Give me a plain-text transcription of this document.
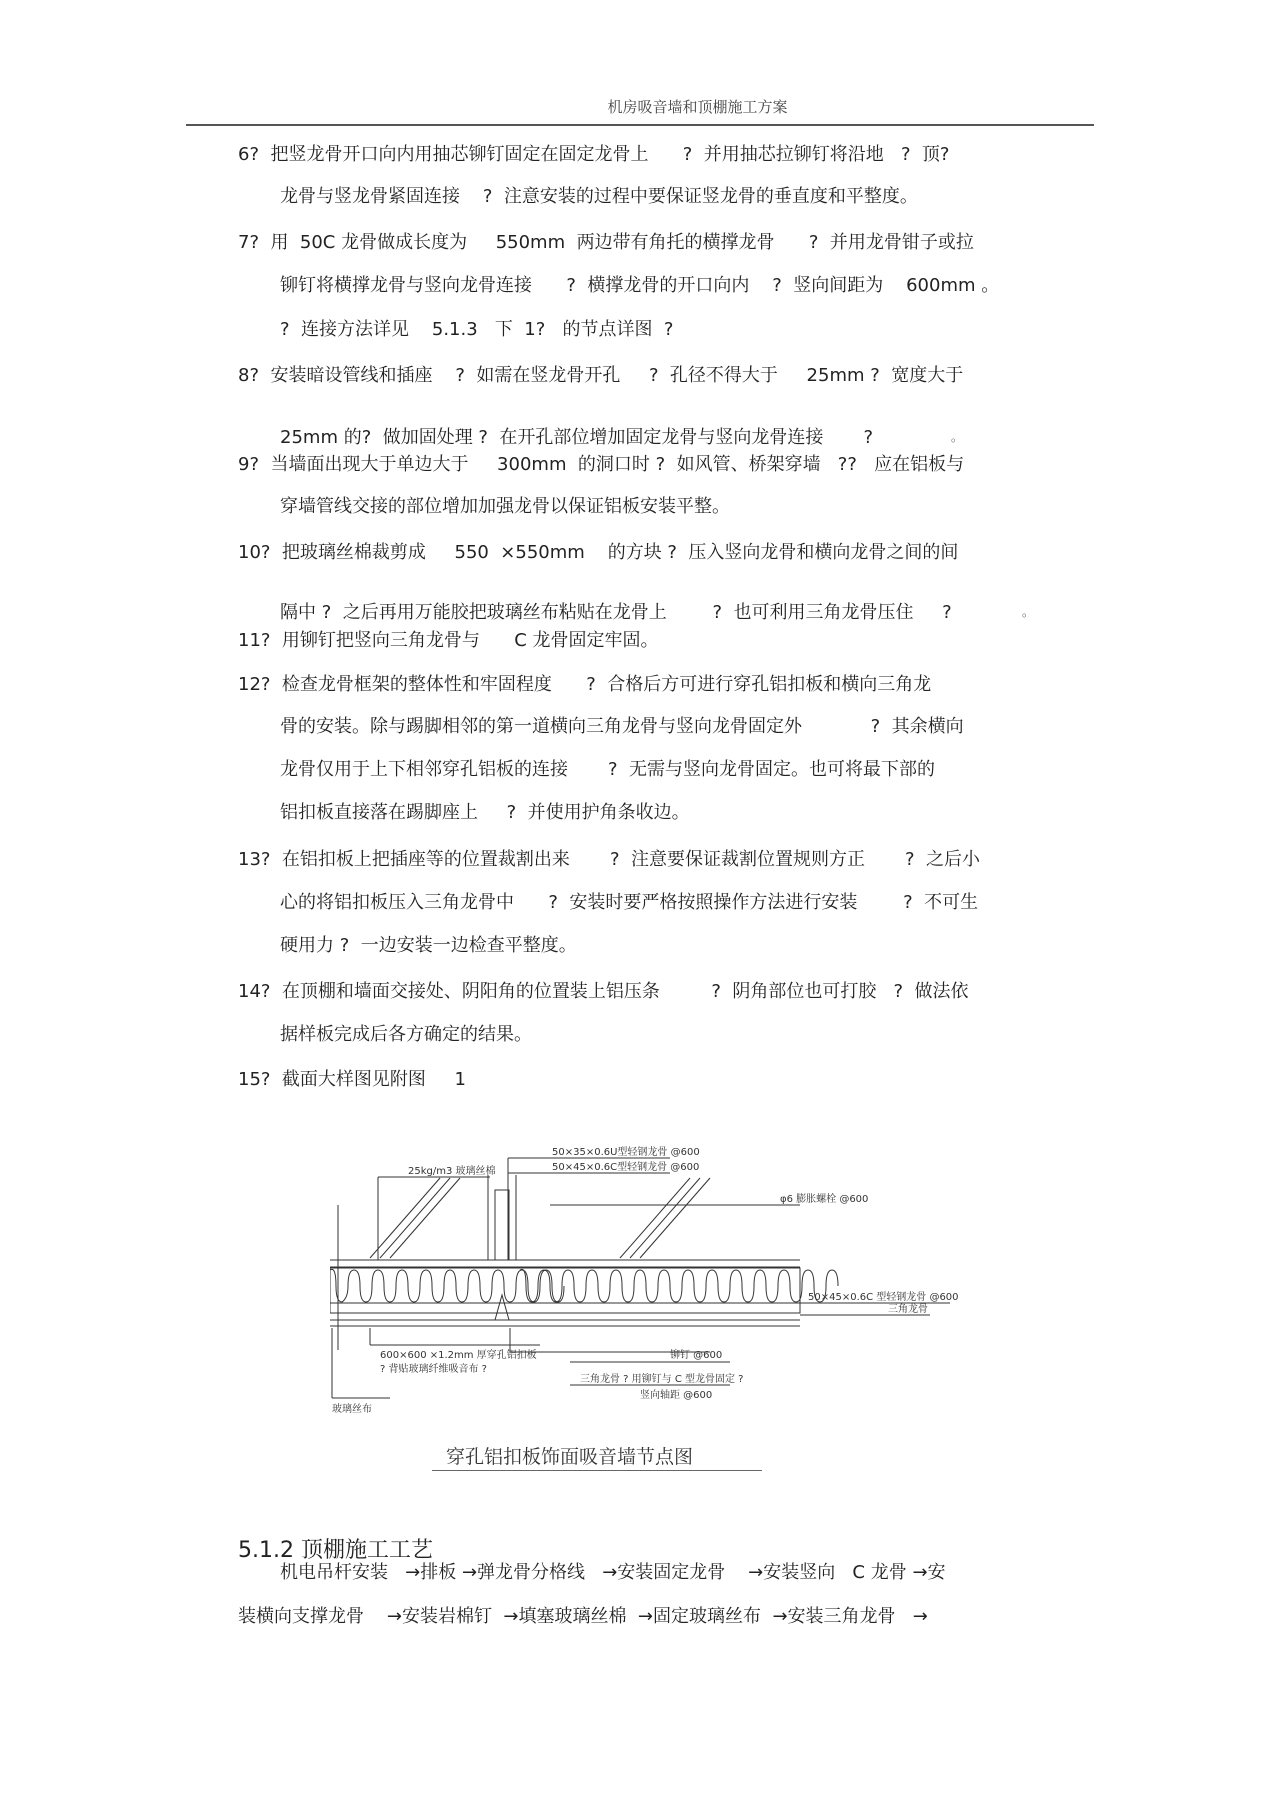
机房吸音墙和顶棚施工方案
6?  把竖龙骨开口向内用抽芯铆钉固定在固定龙骨上      ?  并用抽芯拉铆钉将沿地   ?  顶?
龙骨与竖龙骨紧固连接    ?  注意安装的过程中要保证竖龙骨的垂直度和平整度。
7?  用  50C 龙骨做成长度为     550mm  两边带有角托的横撑龙骨      ?  并用龙骨钳子或拉
铆钉将横撑龙骨与竖向龙骨连接      ?  横撑龙骨的开口向内    ?  竖向间距为    600mm 。
?  连接方法详见    5.1.3   下  1?   的节点详图  ?
8?  安装暗设管线和插座    ?  如需在竖龙骨开孔     ?  孔径不得大于     25mm ?  宽度大于
25mm 的?  做加固处理 ?  在开孔部位增加固定龙骨与竖向龙骨连接       ?
9?  当墙面出现大于单边大于     300mm  的洞口时 ?  如风管、桥架穿墙   ??   应在铝板与
穿墙管线交接的部位增加加强龙骨以保证铝板安装平整。
10?  把玻璃丝棉裁剪成     550  ×550mm    的方块 ?  压入竖向龙骨和横向龙骨之间的间
隔中 ?  之后再用万能胶把玻璃丝布粘贴在龙骨上        ?  也可利用三角龙骨压住     ?
11?  用铆钉把竖向三角龙骨与      C 龙骨固定牢固。
12?  检查龙骨框架的整体性和牢固程度      ?  合格后方可进行穿孔铝扣板和横向三角龙
骨的安装。除与踢脚相邻的第一道横向三角龙骨与竖向龙骨固定外            ?  其余横向
龙骨仅用于上下相邻穿孔铝板的连接       ?  无需与竖向龙骨固定。也可将最下部的
铝扣板直接落在踢脚座上     ?  并使用护角条收边。
13?  在铝扣板上把插座等的位置裁割出来       ?  注意要保证裁割位置规则方正       ?  之后小
心的将铝扣板压入三角龙骨中      ?  安装时要严格按照操作方法进行安装        ?  不可生
硬用力 ?  一边安装一边检查平整度。
14?  在顶棚和墙面交接处、阴阳角的位置装上铝压条         ?  阴角部位也可打胶   ?  做法依
据样板完成后各方确定的结果。
15?  截面大样图见附图     1
机电吊杆安装   →排板 →弹龙骨分格线   →安装固定龙骨    →安装竖向   C 龙骨 →安
装横向支撑龙骨    →安装岩棉钉  →填塞玻璃丝棉  →固定玻璃丝布  →安装三角龙骨   →
。
。
50×35×0.6U型轻钢龙骨 @600
50×45×0.6C型轻钢龙骨 @600
25kg/m3 玻璃丝棉
φ6 膨胀螺栓 @600
50×45×0.6C 型轻钢龙骨 @600
三角龙骨
600×600 ×1.2mm 厚穿孔铝扣板
? 背贴玻璃纤维吸音布 ?
玻璃丝布
铆钉 @600
三角龙骨 ? 用铆钉与 C 型龙骨固定 ?
竖向轴距 @600
穿孔铝扣板饰面吸音墙节点图
5.1.2 顶棚施工工艺
